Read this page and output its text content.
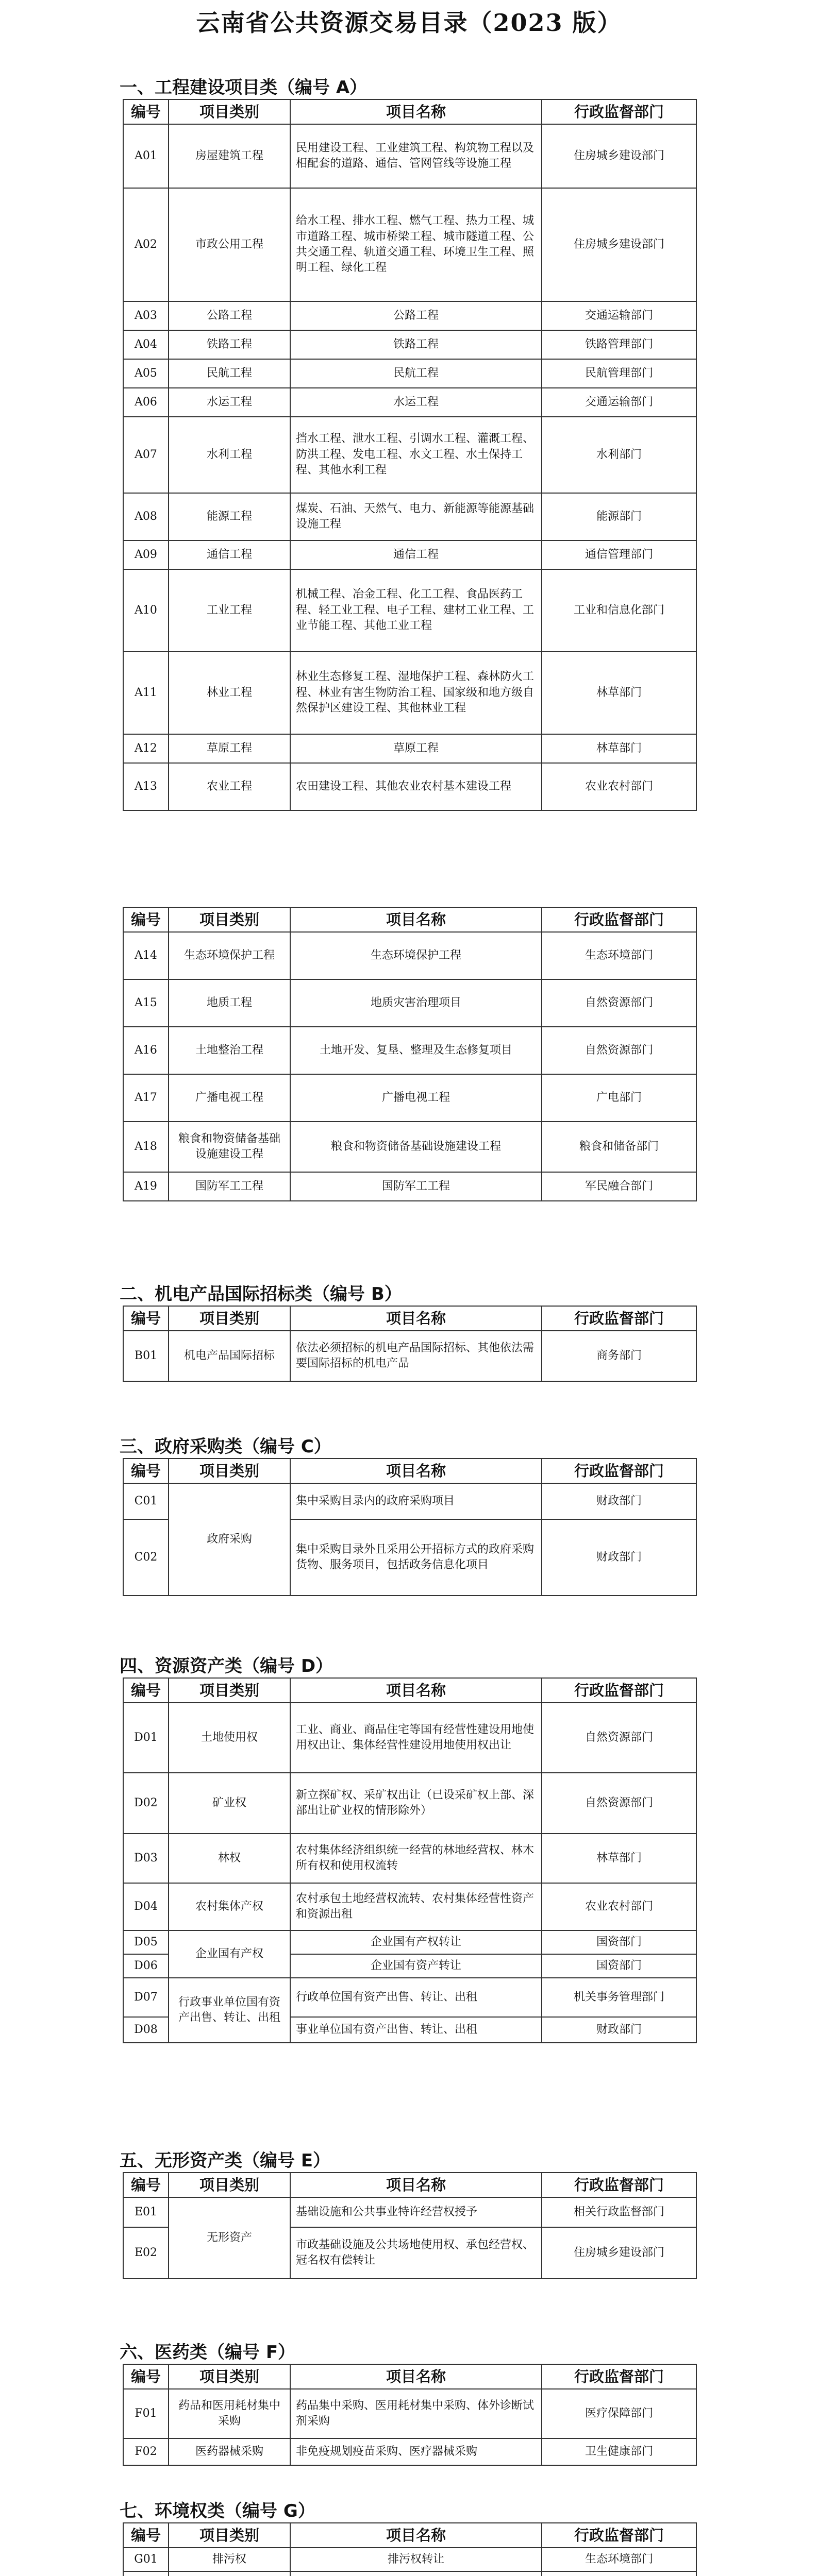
云南省公共资源交易目录（2023 版）
一、工程建设项目类（编号 A）
编号	项目类别	项目名称	行政监督部门
A01	房屋建筑工程	民用建设工程、工业建筑工程、构筑物工程以及相配套的道路、通信、管网管线等设施工程	住房城乡建设部门
A02	市政公用工程	给水工程、排水工程、燃气工程、热力工程、城市道路工程、城市桥梁工程、城市隧道工程、公共交通工程、轨道交通工程、环境卫生工程、照明工程、绿化工程	住房城乡建设部门
A03	公路工程	公路工程	交通运输部门
A04	铁路工程	铁路工程	铁路管理部门
A05	民航工程	民航工程	民航管理部门
A06	水运工程	水运工程	交通运输部门
A07	水利工程	挡水工程、泄水工程、引调水工程、灌溉工程、防洪工程、发电工程、水文工程、水土保持工程、其他水利工程	水利部门
A08	能源工程	煤炭、石油、天然气、电力、新能源等能源基础设施工程	能源部门
A09	通信工程	通信工程	通信管理部门
A10	工业工程	机械工程、冶金工程、化工工程、食品医药工程、轻工业工程、电子工程、建材工业工程、工业节能工程、其他工业工程	工业和信息化部门
A11	林业工程	林业生态修复工程、湿地保护工程、森林防火工程、林业有害生物防治工程、国家级和地方级自然保护区建设工程、其他林业工程	林草部门
A12	草原工程	草原工程	林草部门
A13	农业工程	农田建设工程、其他农业农村基本建设工程	农业农村部门
编号	项目类别	项目名称	行政监督部门
A14	生态环境保护工程	生态环境保护工程	生态环境部门
A15	地质工程	地质灾害治理项目	自然资源部门
A16	土地整治工程	土地开发、复垦、整理及生态修复项目	自然资源部门
A17	广播电视工程	广播电视工程	广电部门
A18	粮食和物资储备基础设施建设工程	粮食和物资储备基础设施建设工程	粮食和储备部门
A19	国防军工工程	国防军工工程	军民融合部门
二、机电产品国际招标类（编号 B）
编号	项目类别	项目名称	行政监督部门
B01	机电产品国际招标	依法必须招标的机电产品国际招标、其他依法需要国际招标的机电产品	商务部门
三、政府采购类（编号 C）
编号	项目类别	项目名称	行政监督部门
C01	政府采购	集中采购目录内的政府采购项目	财政部门
C02		集中采购目录外且采用公开招标方式的政府采购货物、服务项目，包括政务信息化项目	财政部门
四、资源资产类（编号 D）
编号	项目类别	项目名称	行政监督部门
D01	土地使用权	工业、商业、商品住宅等国有经营性建设用地使用权出让、集体经营性建设用地使用权出让	自然资源部门
D02	矿业权	新立探矿权、采矿权出让（已设采矿权上部、深部出让矿业权的情形除外）	自然资源部门
D03	林权	农村集体经济组织统一经营的林地经营权、林木所有权和使用权流转	林草部门
D04	农村集体产权	农村承包土地经营权流转、农村集体经营性资产和资源出租	农业农村部门
D05	企业国有产权	企业国有产权转让	国资部门
D06		企业国有资产转让	国资部门
D07	行政事业单位国有资产出售、转让、出租	行政单位国有资产出售、转让、出租	机关事务管理部门
D08		事业单位国有资产出售、转让、出租	财政部门
五、无形资产类（编号 E）
编号	项目类别	项目名称	行政监督部门
E01	无形资产	基础设施和公共事业特许经营权授予	相关行政监督部门
E02		市政基础设施及公共场地使用权、承包经营权、冠名权有偿转让	住房城乡建设部门
六、医药类（编号 F）
编号	项目类别	项目名称	行政监督部门
F01	药品和医用耗材集中采购	药品集中采购、医用耗材集中采购、体外诊断试剂采购	医疗保障部门
F02	医药器械采购	非免疫规划疫苗采购、医疗器械采购	卫生健康部门
七、环境权类（编号 G）
编号	项目类别	项目名称	行政监督部门
G01	排污权	排污权转让	生态环境部门
